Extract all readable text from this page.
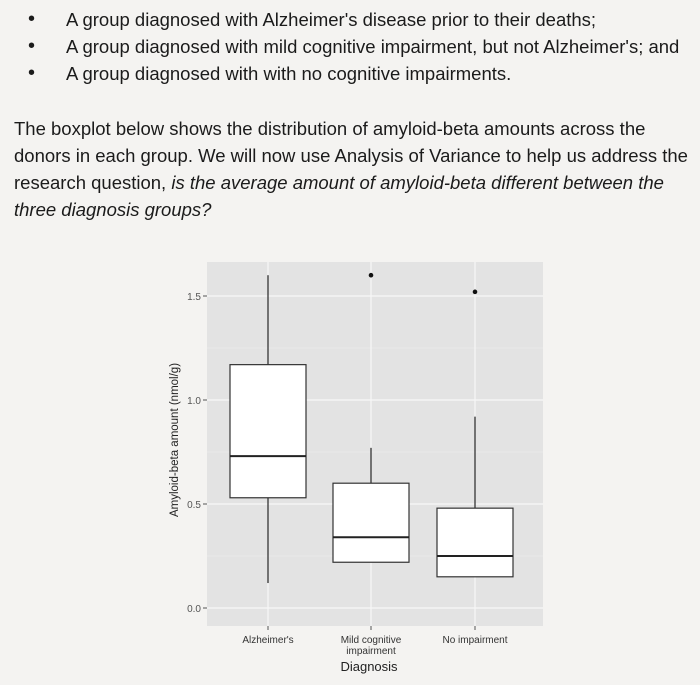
• A group diagnosed with Alzheimer's disease prior to their deaths;
• A group diagnosed with mild cognitive impairment, but not Alzheimer's; and
• A group diagnosed with with no cognitive impairments.
The boxplot below shows the distribution of amyloid-beta amounts across the donors in each group. We will now use Analysis of Variance to help us address the research question, is the average amount of amyloid-beta different between the three diagnosis groups?
0.0
0.5
1.0
1.5
Alzheimer's	Mild cognitive
impairment
No impairment
Amyloid-beta amount (nmol/g)
Diagnosis
